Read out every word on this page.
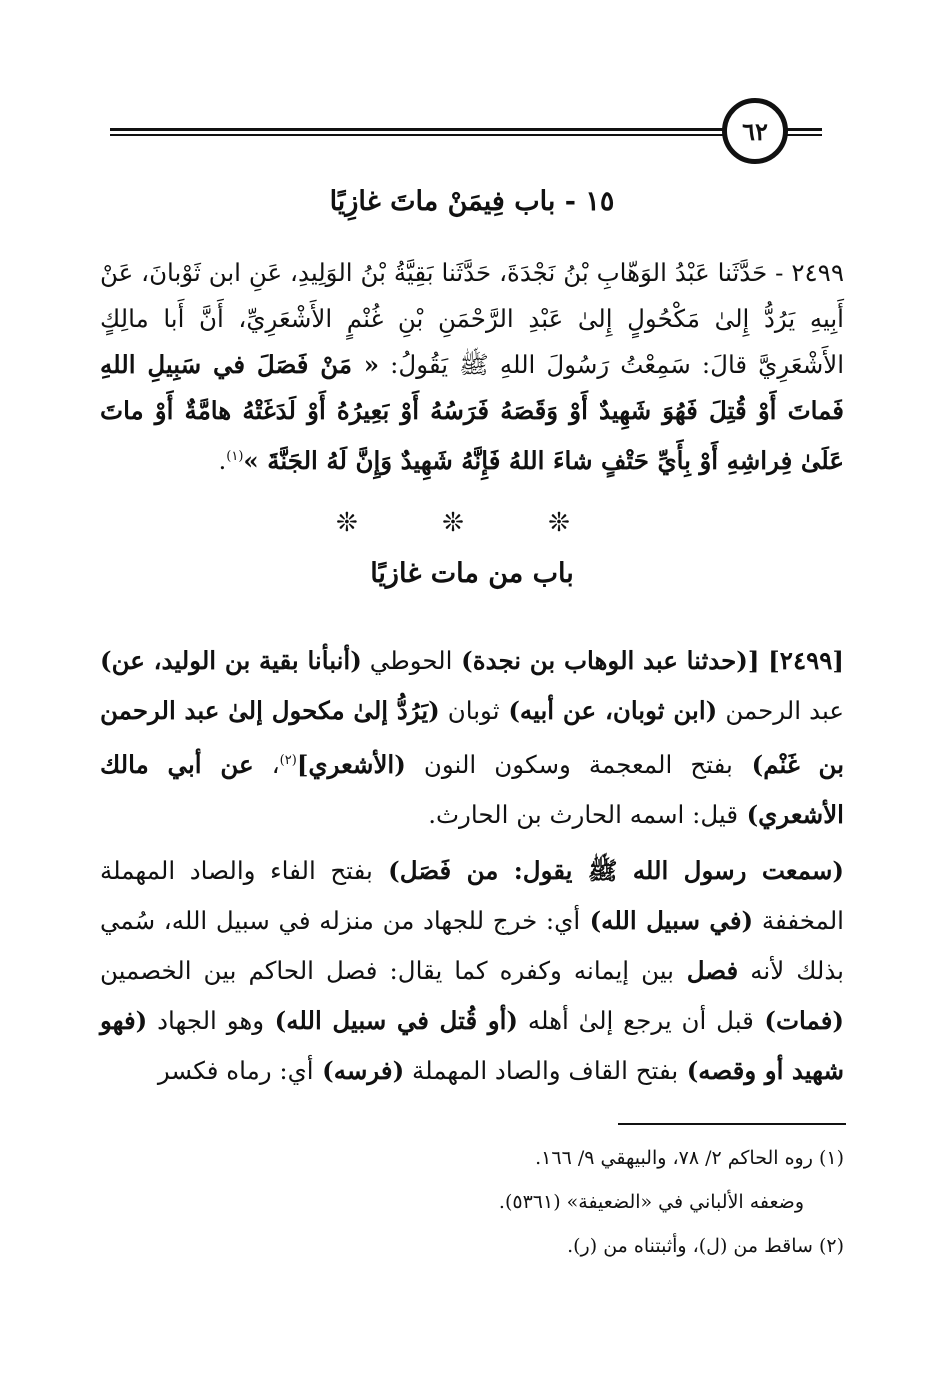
٦٢
١٥ - باب فِيمَنْ ماتَ غازِيًا
٢٤٩٩ - حَدَّثَنا عَبْدُ الوَهّابِ بْنُ نَجْدَةَ، حَدَّثَنا بَقِيَّةُ بْنُ الوَلِيدِ، عَنِ ابن ثَوْبانَ، عَنْ أَبِيهِ يَرُدُّ إِلىٰ مَكْحُولٍ إِلىٰ عَبْدِ الرَّحْمَنِ بْنِ غُنْمٍ الأَشْعَرِيِّ، أَنَّ أَبا مالِكٍ الأَشْعَرِيَّ قالَ: سَمِعْتُ رَسُولَ اللهِ ﷺ يَقُولُ: « مَنْ فَصَلَ في سَبِيلِ اللهِ فَماتَ أَوْ قُتِلَ فَهُوَ شَهِيدٌ أَوْ وَقَصَهُ فَرَسُهُ أَوْ بَعِيرُهُ أَوْ لَدَغَتْهُ هامَّةٌ أَوْ ماتَ عَلَىٰ فِراشِهِ أَوْ بِأَيِّ حَتْفٍ شاءَ اللهُ فَإِنَّهُ شَهِيدٌ وَإِنَّ لَهُ الجَنَّةَ »$^{(١)}$.
❊ ❊ ❊
باب من مات غازيًا

[٢٤٩٩] [(حدثنا عبد الوهاب بن نجدة) الحوطي (أنبأنا بقية بن الوليد، عن) عبد الرحمن (ابن ثوبان، عن أبيه) ثوبان (يَرُدُّ إلىٰ مكحول إلىٰ عبد الرحمن بن غَنْم) بفتح المعجمة وسكون النون (الأشعري]$^{(٢)}$، عن أبي مالك الأشعري) قيل: اسمه الحارث بن الحارث.

(سمعت رسول الله ﷺ يقول: من فَصَل) بفتح الفاء والصاد المهملة المخففة (في سبيل الله) أي: خرج للجهاد من منزله في سبيل الله، سُمي بذلك لأنه فصل بين إيمانه وكفره كما يقال: فصل الحاكم بين الخصمين (فمات) قبل أن يرجع إلىٰ أهله (أو قُتل في سبيل الله) وهو الجهاد (فهو شهيد أو وقصه) بفتح القاف والصاد المهملة (فرسه) أي: رماه فكسر

(١) روه الحاكم ٢/ ٧٨، والبيهقي ٩/ ١٦٦.

وضعفه الألباني في «الضعيفة» (٥٣٦١).

(٢) ساقط من (ل)، وأثبتناه من (ر).
